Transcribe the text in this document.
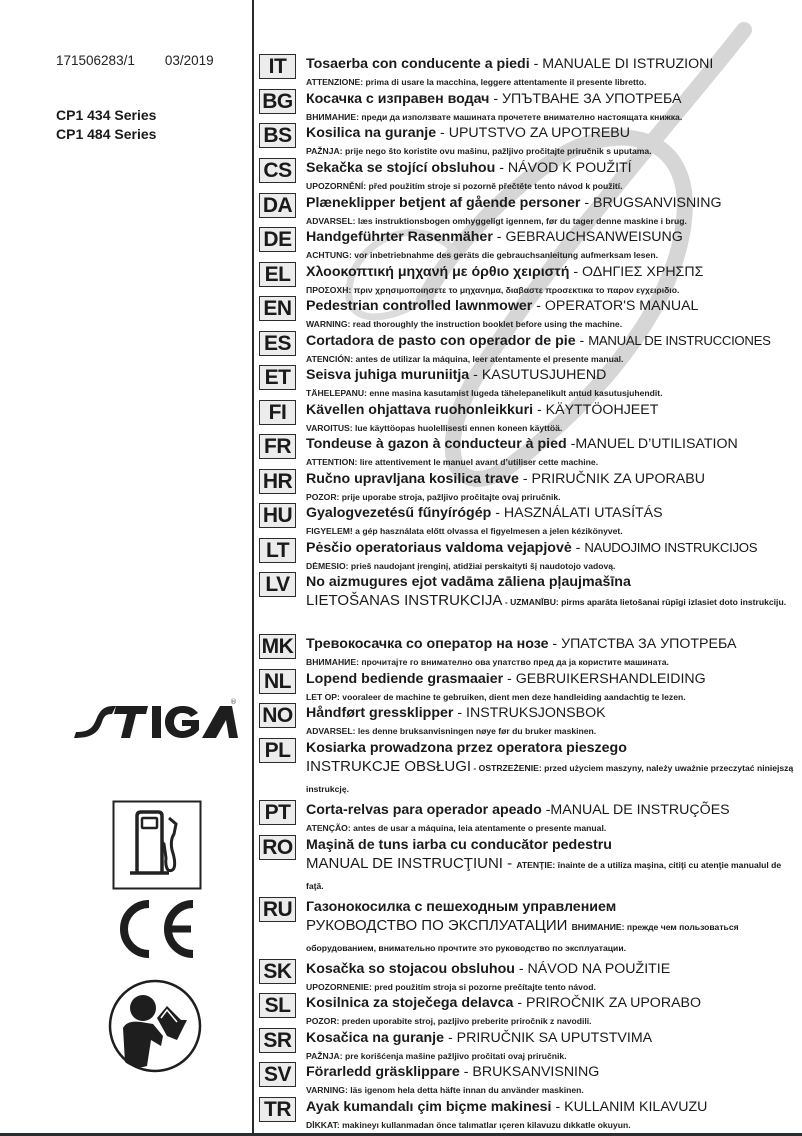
171506283/1 03/2019
CP1 434 Series
CP1 484 Series
®
IT	Tosaerba con conducente a piedi - MANUALE DI ISTRUZIONI
ATTENZIONE: prima di usare la macchina, leggere attentamente il presente libretto.
BG Косачка с изправен водач - УПЪТВАНЕ ЗА УПОТРЕБА
ВНИМАНИЕ: преди да използвате машината прочетете внимателно настоящата книжка.
BS	Kosilica na guranje - UPUTSTVO ZA UPOTREBU
PAŽNJA: prije nego što koristite ovu mašinu, pažljivo pročitajte priručnik s uputama.
CS	Sekačka se stojící obsluhou - NÁVOD K POUŽITÍ
UPOZORNĚNÍ: před použitím stroje si pozorně přečtěte tento návod k použití.
DA Plæneklipper betjent af gående personer - BRUGSANVISNING
ADVARSEL: læs instruktionsbogen omhyggeligt igennem, før du tager denne maskine i brug.
DE	Handgeführter Rasenmäher - GEBRAUCHSANWEISUNG
ACHTUNG: vor inbetriebnahme des geräts die gebrauchsanleitung aufmerksam lesen.
EL	Χλοοκοπτική μηχανή με όρθιο χειριστή - ΟΔΗΓΙΕΣ ΧΡΗΣΠΣ
ΠΡΟΣΟΧΗ: πριν χρησιμοποιησετε το μηχανημα, διαβαστε προσεκτικα το παρον εγχειριδιο.
EN	Pedestrian controlled lawnmower - OPERATOR'S MANUAL
WARNING: read thoroughly the instruction booklet before using the machine.
ES	Cortadora de pasto con operador de pie - MANUAL DE INSTRUCCIONES
ATENCIÓN: antes de utilizar la máquina, leer atentamente el presente manual.
ET	Seisva juhiga muruniitja - KASUTUSJUHEND
TÄHELEPANU: enne masina kasutamist lugeda tähelepanelikult antud kasutusjuhendit.
FI	Kävellen ohjattava ruohonleikkuri - KÄYTTÖOHJEET
VAROITUS: lue käyttöopas huolellisesti ennen koneen käyttöä.
FR	Tondeuse à gazon à conducteur à pied -MANUEL D’UTILISATION
ATTENTION: lire attentivement le manuel avant d’utiliser cette machine.
HR Ručno upravljana kosilica trave - PRIRUČNIK ZA UPORABU
POZOR: prije uporabe stroja, pažljivo pročitajte ovaj priručnik.
HU Gyalogvezetésű fűnyírógép - HASZNÁLATI UTASÍTÁS
FIGYELEM! a gép használata előtt olvassa el figyelmesen a jelen kézikönyvet.
LT	Pėsčio operatoriaus valdoma vejapjovė - NAUDOJIMO INSTRUKCIJOS
DĖMESIO: prieš naudojant įrenginį, atidžiai perskaityti šį naudotojo vadovą.
LV	No aizmugures ejot vadāma zāliena pļaujmašīna
LIETOŠANAS INSTRUKCIJA - UZMANĪBU: pirms aparāta lietošanai rūpīgi izlasiet doto instrukciju.
MK Тревокосачка со оператор на нозе - УПАТСТВА ЗА УПОТРЕБА
ВНИМАНИЕ: прочитајте го внимателно ова упатство пред да ја користите машината.
NL	Lopend bediende grasmaaier - GEBRUIKERSHANDLEIDING
LET OP: vooraleer de machine te gebruiken, dient men deze handleiding aandachtig te lezen.
NO Håndført gressklipper - INSTRUKSJONSBOK
ADVARSEL: les denne bruksanvisningen nøye før du bruker maskinen.
PL	Kosiarka prowadzona przez operatora pieszego
INSTRUKCJE OBSŁUGI - OSTRZEŻENIE: przed użyciem maszyny, należy uważnie przeczytać niniejszą instrukcję.
PT	Corta-relvas para operador apeado -MANUAL DE INSTRUÇÕES
ATENÇÃO: antes de usar a máquina, leia atentamente o presente manual.
RO Maşină de tuns iarba cu conducător pedestru
MANUAL DE INSTRUCŢIUNI - ATENŢIE: înainte de a utiliza maşina, citiţi cu atenţie manualul de faţă.
RU Газонокосилка с пешеходным управлением
РУКОВОДСТВО ПО ЭКСПЛУАТАЦИИ ВНИМАНИЕ: прежде чем пользоваться оборудованием, внимательно прочтите это руководство по эксплуатации.
SK	Kosačka so stojacou obsluhou - NÁVOD NA POUŽITIE
UPOZORNENIE: pred použitím stroja si pozorne prečítajte tento návod.
SL	Kosilnica za stoječega delavca - PRIROČNIK ZA UPORABO
POZOR: preden uporabite stroj, pazljivo preberite priročnik z navodili.
SR	Kosačica na guranje - PRIRUČNIK SA UPUTSTVIMA
PAŽNJA: pre korišćenja mašine pažljivo pročitati ovaj priručnik.
SV	Förarledd gräsklippare - BRUKSANVISNING
VARNING: läs igenom hela detta häfte innan du använder maskinen.
TR	Ayak kumandalı çim biçme makinesi - KULLANIM KILAVUZU
DİKKAT: makineyı kullanmadan önce talımatlar ıçeren kilavuzu dıkkatle okuyun.
